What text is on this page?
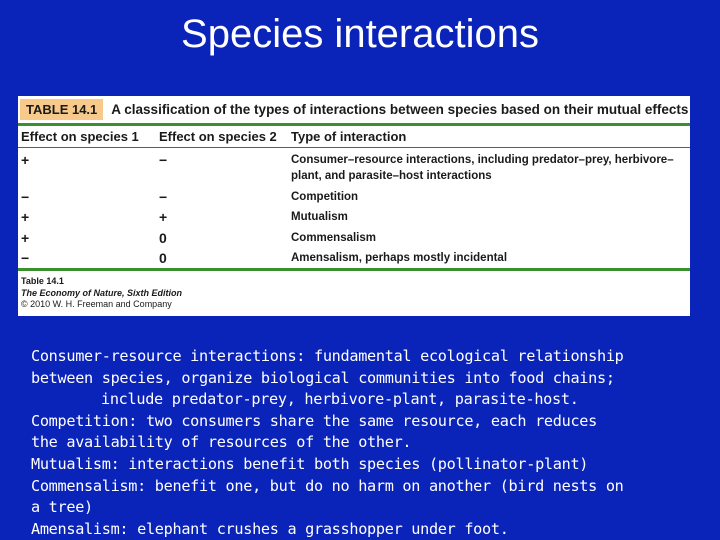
Species interactions
TABLE 14.1	A classification of the types of interactions between species based on their mutual effects
Effect on species 1 Effect on species 2 Type of interaction
+	−	Consumer–resource interactions, including predator–prey, herbivore–
plant, and parasite–host interactions
−	−	Competition
+	+	Mutualism
+	0	Commensalism
−	0	Amensalism, perhaps mostly incidental
Table 14.1
The Economy of Nature, Sixth Edition
© 2010 W. H. Freeman and Company
Consumer-resource interactions: fundamental ecological relationship
between species, organize biological communities into food chains;
include predator-prey, herbivore-plant, parasite-host.
Competition: two consumers share the same resource, each reduces
the availability of resources of the other.
Mutualism: interactions benefit both species (pollinator-plant)
Commensalism: benefit one, but do no harm on another (bird nests on
a tree)
Amensalism: elephant crushes a grasshopper under foot.
